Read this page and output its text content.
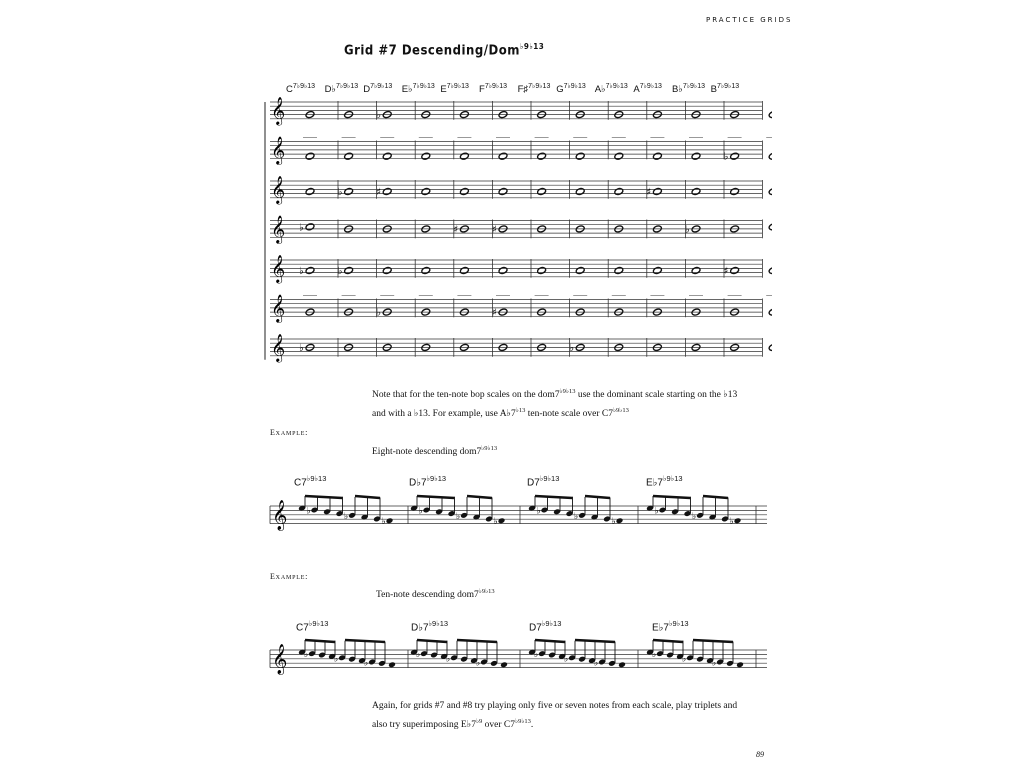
PRACTICE GRIDS
Grid #7 Descending/Dom$^{♭9♭13}$
$C^{7♭9♭13}$ D♭$^{7♭9♭13}$ $D^{7♭9♭13}$ E♭$^{7♭9♭13}$ $E^{7♭9♭13}$ $F^{7♭9♭13}$ F♯$^{7♭9♭13}$ $G^{7♭9♭13}$ A♭$^{7♭9♭13}$ $A^{7♭9♭13}$ B♭$^{7♭9♭13}$ $B^{7♭9♭13}$
𝄞	♭
𝄞	♭
𝄞	♭	♯	♯
𝄞 ♭	♯	♯	♭
𝄞 ♭	♭	♯
𝄞	♭	♯
𝄞 ♭	♭
Note that for the ten-note bop scales on the $dom7^{♭9♭13}$ use the dominant scale starting on the ♭13
and with a ♭13. For example, use $A♭7^{♭13}$ ten-note scale over $C7^{♭9♭13}$
Example:
Eight-note descending $dom7^{♭9♭13}$
$C7^{♭9♭13}$	$D♭7^{♭9♭13}$	$D7^{♭9♭13}$	$E♭7^{♭9♭13}$
𝄞 ♭
♭
♭
♭
♭
♭
♭
♭
♭
♭
♭
♭
Example:
Ten-note descending $dom7^{♭9♭13}$
$C7^{♭9♭13}$	$D♭7^{♭9♭13}$	$D7^{♭9♭13}$	$E♭7^{♭9♭13}$
𝄞 ♭	♭	♭
♭	♭	♭
♭	♭	♭
♭	♭	♭
Again, for grids #7 and #8 try playing only five or seven notes from each scale, play triplets and
also try superimposing $E♭7^{♭9}$ over $C7^{♭9♭13}$.
89
